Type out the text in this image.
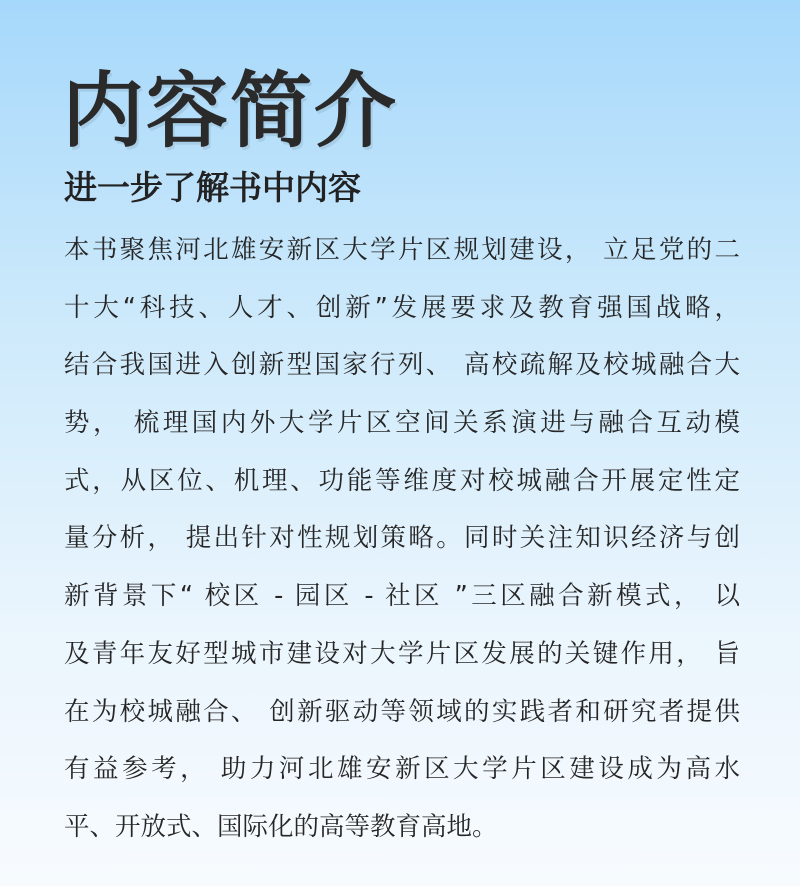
内容简介
进一步了解书中内容
本书聚焦河北雄安新区大学片区规划建设， 立足党的二
十大“科技、人才、创新”发展要求及教育强国战略，
结合我国进入创新型国家行列、 高校疏解及校城融合大
势， 梳理国内外大学片区空间关系演进与融合互动模
式，从区位、机理、功能等维度对校城融合开展定性定
量分析， 提出针对性规划策略。同时关注知识经济与创
新背景下“ 校区 - 园区 - 社区 ”三区融合新模式， 以
及青年友好型城市建设对大学片区发展的关键作用， 旨
在为校城融合、 创新驱动等领域的实践者和研究者提供
有益参考， 助力河北雄安新区大学片区建设成为高水
平、开放式、国际化的高等教育高地。
